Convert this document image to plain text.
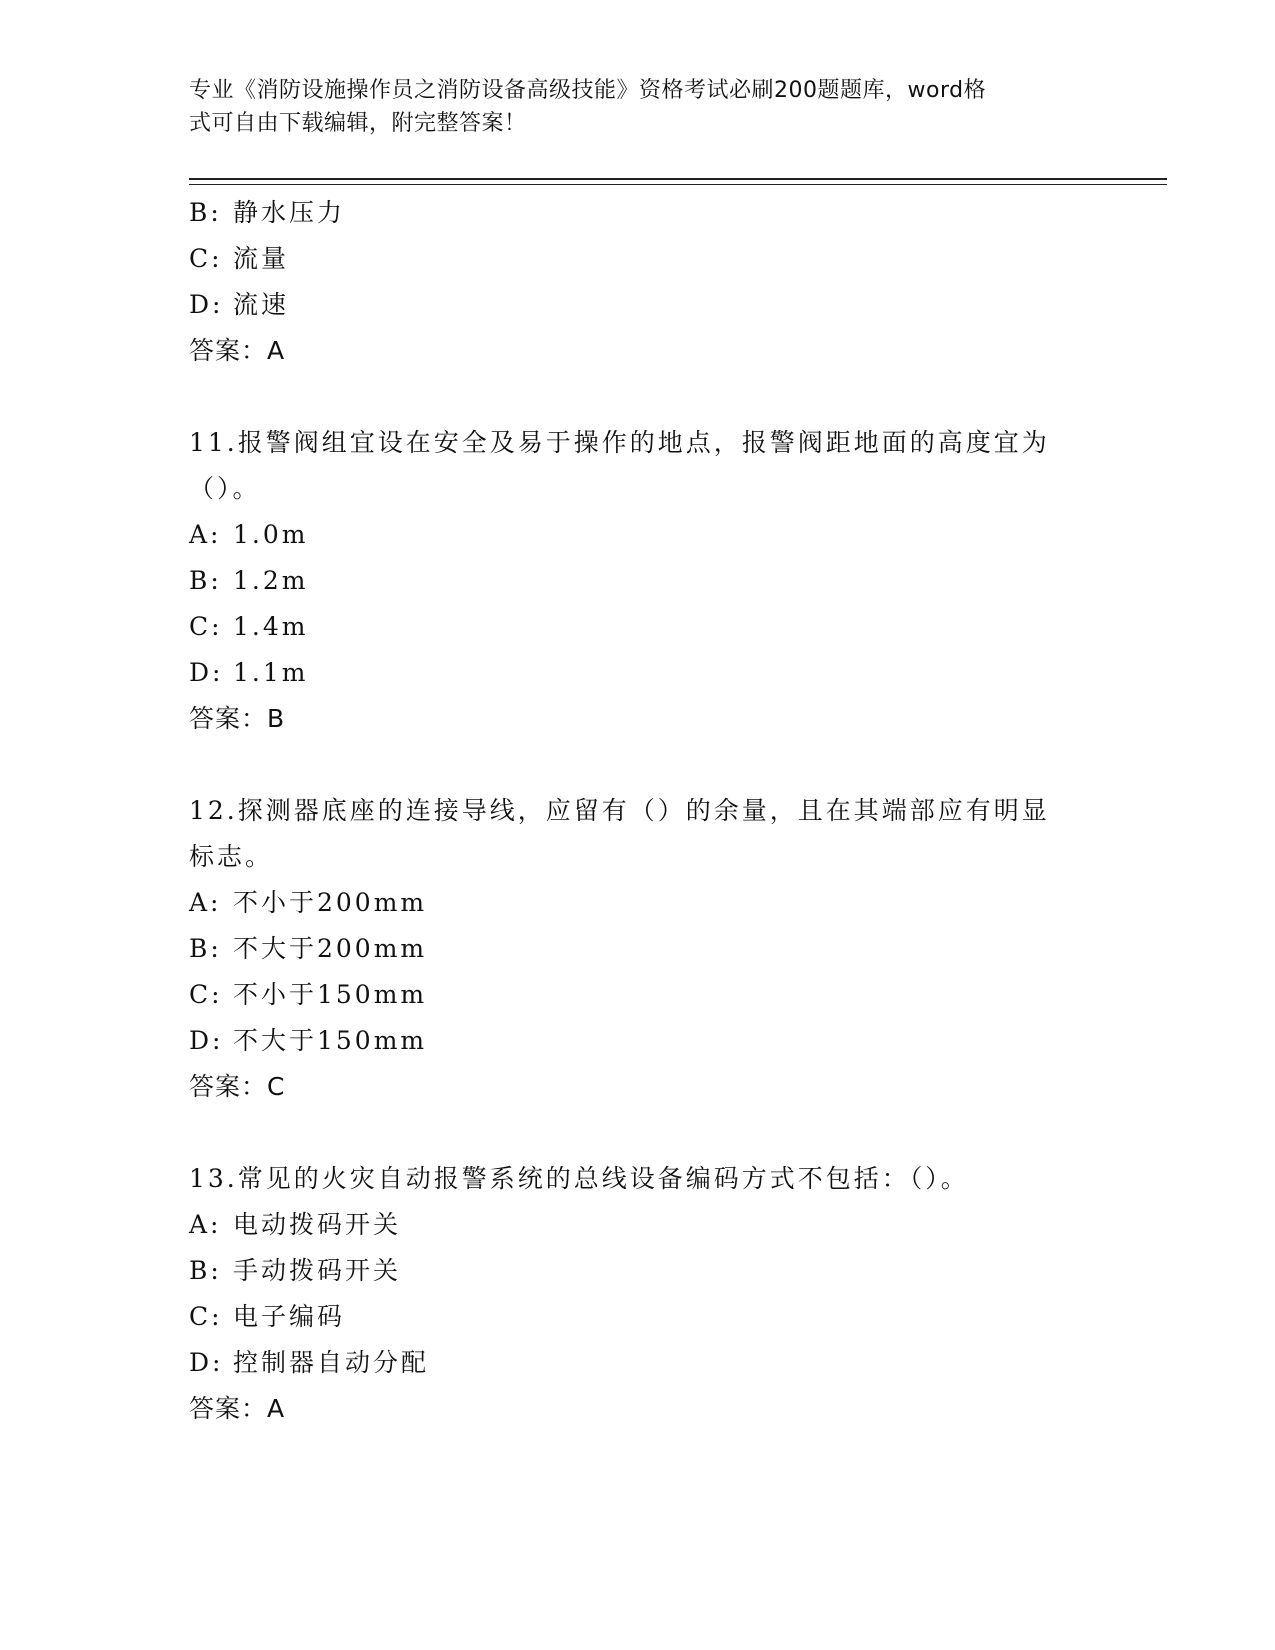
专业《消防设施操作员之消防设备高级技能》资格考试必刷200题题库，word格
式可自由下载编辑，附完整答案！
B: 静水压力
C: 流量
D: 流速
答案：A
11.报警阀组宜设在安全及易于操作的地点，报警阀距地面的高度宜为
（）。
A: 1.0m
B: 1.2m
C: 1.4m
D: 1.1m
答案：B
12.探测器底座的连接导线，应留有（）的余量，且在其端部应有明显
标志。
A: 不小于200mm
B: 不大于200mm
C: 不小于150mm
D: 不大于150mm
答案：C
13.常见的火灾自动报警系统的总线设备编码方式不包括：（）。
A: 电动拨码开关
B: 手动拨码开关
C: 电子编码
D: 控制器自动分配
答案：A
